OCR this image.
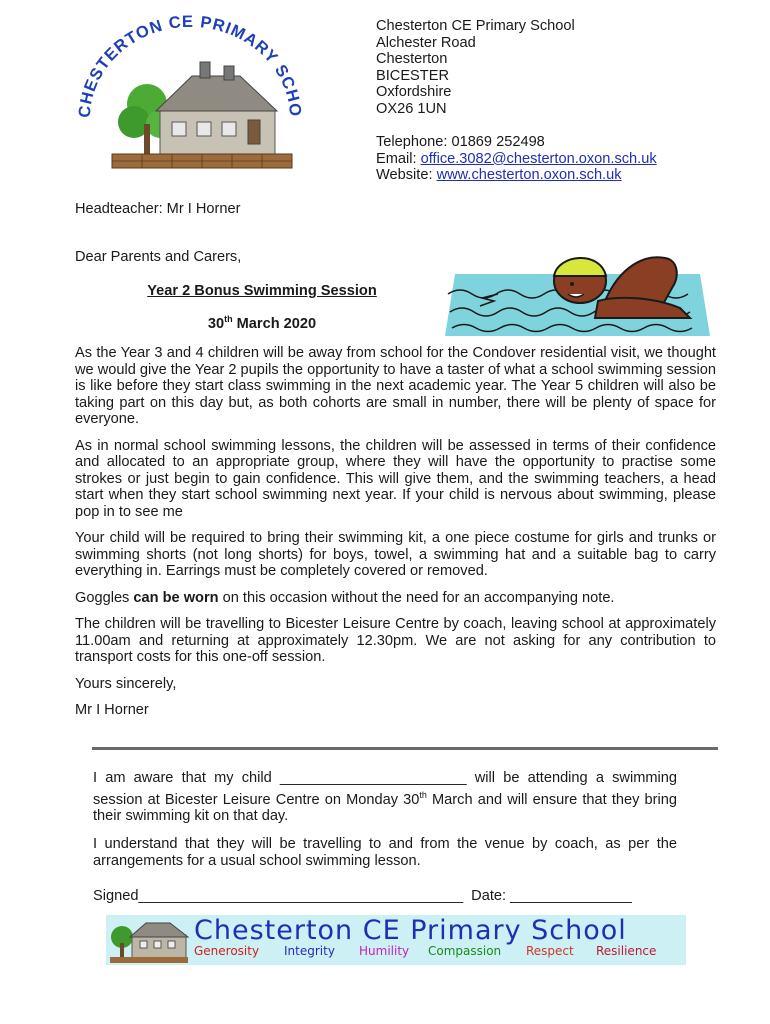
CHESTERTON CE PRIMARY SCHO
Chesterton CE Primary School
Alchester Road
Chesterton
BICESTER
Oxfordshire
OX26 1UN
Telephone: 01869 252498
Email: office.3082@chesterton.oxon.sch.uk
Website: www.chesterton.oxon.sch.uk
Headteacher: Mr I Horner
Dear Parents and Carers,
Year 2 Bonus Swimming Session
30th March 2020

As the Year 3 and 4 children will be away from school for the Condover residential visit, we thought we would give the Year 2 pupils the opportunity to have a taster of what a school swimming session is like before they start class swimming in the next academic year. The Year 5 children will also be taking part on this day but, as both cohorts are small in number, there will be plenty of space for everyone.

As in normal school swimming lessons, the children will be assessed in terms of their confidence and allocated to an appropriate group, where they will have the opportunity to practise some strokes or just begin to gain confidence. This will give them, and the swimming teachers, a head start when they start school swimming next year. If your child is nervous about swimming, please pop in to see me

Your child will be required to bring their swimming kit, a one piece costume for girls and trunks or swimming shorts (not long shorts) for boys, towel, a swimming hat and a suitable bag to carry everything in. Earrings must be completely covered or removed.

Goggles can be worn on this occasion without the need for an accompanying note.

The children will be travelling to Bicester Leisure Centre by coach, leaving school at approximately 11.00am and returning at approximately 12.30pm. We are not asking for any contribution to transport costs for this one-off session.

Yours sincerely,

Mr I Horner

I am aware that my child _______________________ will be attending a swimming session at Bicester Leisure Centre on Monday 30th March and will ensure that they bring their swimming kit on that day.

I understand that they will be travelling to and from the venue by coach, as per the arrangements for a usual school swimming lesson.

Signed________________________________________ Date: _______________
Chesterton CE Primary School
Generosity Integrity Humility Compassion Respect Resilience
